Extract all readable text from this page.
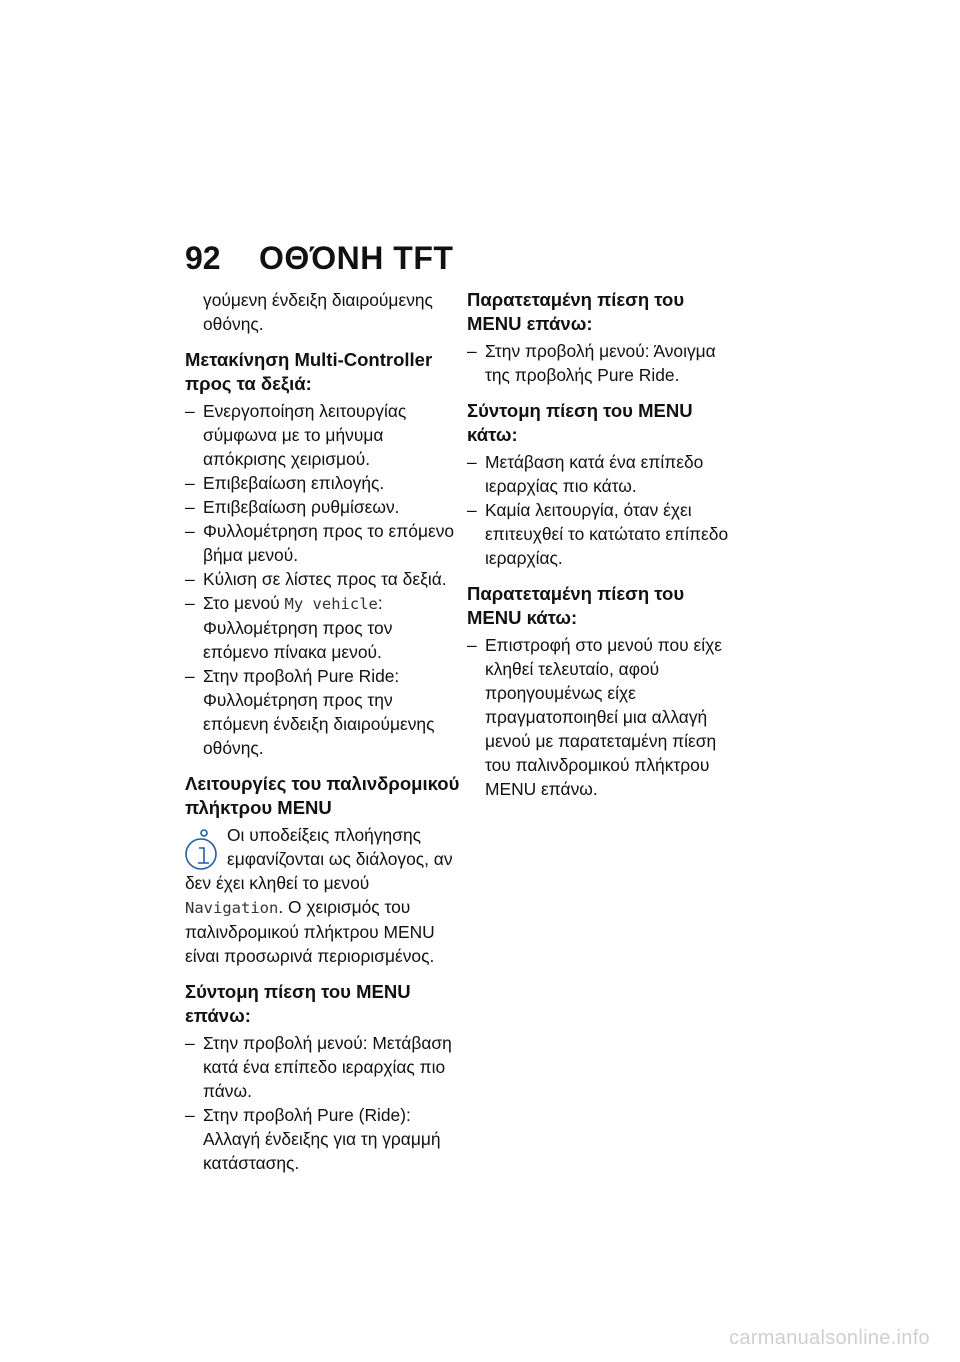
92 ΟΘΌΝΗ TFT

γούμενη ένδειξη διαιρούμενης οθόνης.

Μετακίνηση Multi-Controller προς τα δεξιά:
– Ενεργοποίηση λειτουργίας σύμφωνα με το μήνυμα απόκρισης χειρισμού.
– Επιβεβαίωση επιλογής.
– Επιβεβαίωση ρυθμίσεων.
– Φυλλομέτρηση προς το επόμενο βήμα μενού.
– Κύλιση σε λίστες προς τα δεξιά.
– Στο μενού My vehicle: Φυλλομέτρηση προς τον επόμενο πίνακα μενού.
– Στην προβολή Pure Ride: Φυλλομέτρηση προς την επόμενη ένδειξη διαιρούμενης οθόνης.
Λειτουργίες του παλινδρομικού πλήκτρου MENU

Οι υποδείξεις πλοήγησης εμφανίζονται ως διάλογος, αν δεν έχει κληθεί το μενού Navigation. Ο χειρισμός του παλινδρομικού πλήκτρου MENU είναι προσωρινά περιορισμένος.

Σύντομη πίεση του MENU επάνω:
– Στην προβολή μενού: Μετάβαση κατά ένα επίπεδο ιεραρχίας πιο πάνω.
– Στην προβολή Pure (Ride): Αλλαγή ένδειξης για τη γραμμή κατάστασης.
Παρατεταμένη πίεση του MENU επάνω:
– Στην προβολή μενού: Άνοιγμα της προβολής Pure Ride.
Σύντομη πίεση του MENU κάτω:
– Μετάβαση κατά ένα επίπεδο ιεραρχίας πιο κάτω.
– Καμία λειτουργία, όταν έχει επιτευχθεί το κατώτατο επίπεδο ιεραρχίας.
Παρατεταμένη πίεση του MENU κάτω:
– Επιστροφή στο μενού που είχε κληθεί τελευταίο, αφού προηγουμένως είχε πραγματοποιηθεί μια αλλαγή μενού με παρατεταμένη πίεση του παλινδρομικού πλήκτρου MENU επάνω.
carmanualsonline.info
